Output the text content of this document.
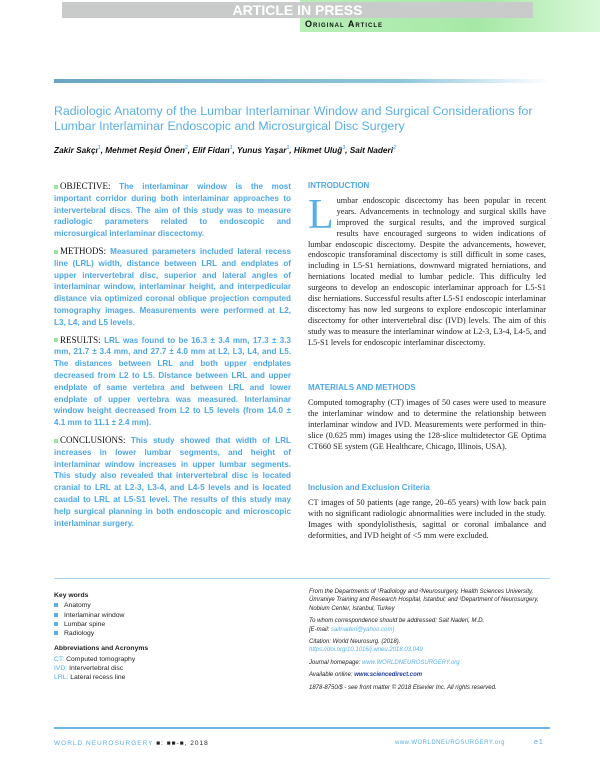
ARTICLE IN PRESS
Original Article
Radiologic Anatomy of the Lumbar Interlaminar Window and Surgical Considerations for Lumbar Interlaminar Endoscopic and Microsurgical Disc Surgery
Zakir Sakçı$^1$, Mehmet Reşid Önen$^2$, Elif Fidan$^1$, Yunus Yaşar$^1$, Hikmet Uluğ$^3$, Sait Naderi$^2$

OBJECTIVE: The interlaminar window is the most important corridor during both interlaminar approaches to intervertebral discs. The aim of this study was to measure radiologic parameters related to endoscopic and microsurgical interlaminar discectomy.

METHODS: Measured parameters included lateral recess line (LRL) width, distance between LRL and endplates of upper intervertebral disc, superior and lateral angles of interlaminar window, interlaminar height, and interpedicular distance via optimized coronal oblique projection computed tomography images. Measurements were performed at L2, L3, L4, and L5 levels.

RESULTS: LRL was found to be 16.3 ± 3.4 mm, 17.3 ± 3.3 mm, 21.7 ± 3.4 mm, and 27.7 ± 4.0 mm at L2, L3, L4, and L5. The distances between LRL and both upper endplates decreased from L2 to L5. Distance between LRL and upper endplate of same vertebra and between LRL and lower endplate of upper vertebra was measured. Interlaminar window height decreased from L2 to L5 levels (from 14.0 ± 4.1 mm to 11.1 ± 2.4 mm).

CONCLUSIONS: This study showed that width of LRL increases in lower lumbar segments, and height of interlaminar window increases in upper lumbar segments. This study also revealed that intervertebral disc is located cranial to LRL at L2-3, L3-4, and L4-5 levels and is located caudal to LRL at L5-S1 level. The results of this study may help surgical planning in both endoscopic and microscopic interlaminar surgery.

INTRODUCTION

Lumbar endoscopic discectomy has been popular in recent years. Advancements in technology and surgical skills have improved the surgical results, and the improved surgical results have encouraged surgeons to widen indications of lumbar endoscopic discectomy. Despite the advancements, however, endoscopic transforaminal discectomy is still difficult in some cases, including in L5-S1 herniations, downward migrated herniations, and herniations located medial to lumbar pedicle. This difficulty led surgeons to develop an endoscopic interlaminar approach for L5-S1 disc herniations. Successful results after L5-S1 endoscopic interlaminar discectomy has now led surgeons to explore endoscopic interlaminar discectomy for other intervertebral disc (IVD) levels. The aim of this study was to measure the interlaminar window at L2-3, L3-4, L4-5, and L5-S1 levels for endoscopic interlaminar discectomy.

MATERIALS AND METHODS

Computed tomography (CT) images of 50 cases were used to measure the interlaminar window and to determine the relationship between interlaminar window and IVD. Measurements were performed in thin-slice (0.625 mm) images using the 128-slice multidetector GE Optima CT660 SE system (GE Healthcare, Chicago, Illinois, USA).

Inclusion and Exclusion Criteria

CT images of 50 patients (age range, 20–65 years) with low back pain with no significant radiologic abnormalities were included in the study. Images with spondylolisthesis, sagittal or coronal imbalance and deformities, and IVD height of <5 mm were excluded.

Key words
Anatomy
Interlaminar window
Lumbar spine
Radiology
Abbreviations and Acronyms
CT: Computed tomography
IVD: Intervertebral disc
LRL: Lateral recess line

From the Departments of ¹Radiology and ²Neurosurgery, Health Sciences University, Ümraniye Training and Research Hospital, Istanbul; and ³Department of Neurosurgery, Nobium Center, Istanbul, Turkey

To whom correspondence should be addressed: Sait Naderi, M.D.
[E-mail: saitnaderi@yahoo.com]

Citation: World Neurosurg. (2018).
https://doi.org/10.1016/j.wneu.2018.03.049

Journal homepage: www.WORLDNEUROSURGERY.org

Available online: www.sciencedirect.com

1878-8750/$ - see front matter © 2018 Elsevier Inc. All rights reserved.

WORLD NEUROSURGERY ■: ■■-■, 2018	www.WORLDNEUROSURGERY.org	e1
